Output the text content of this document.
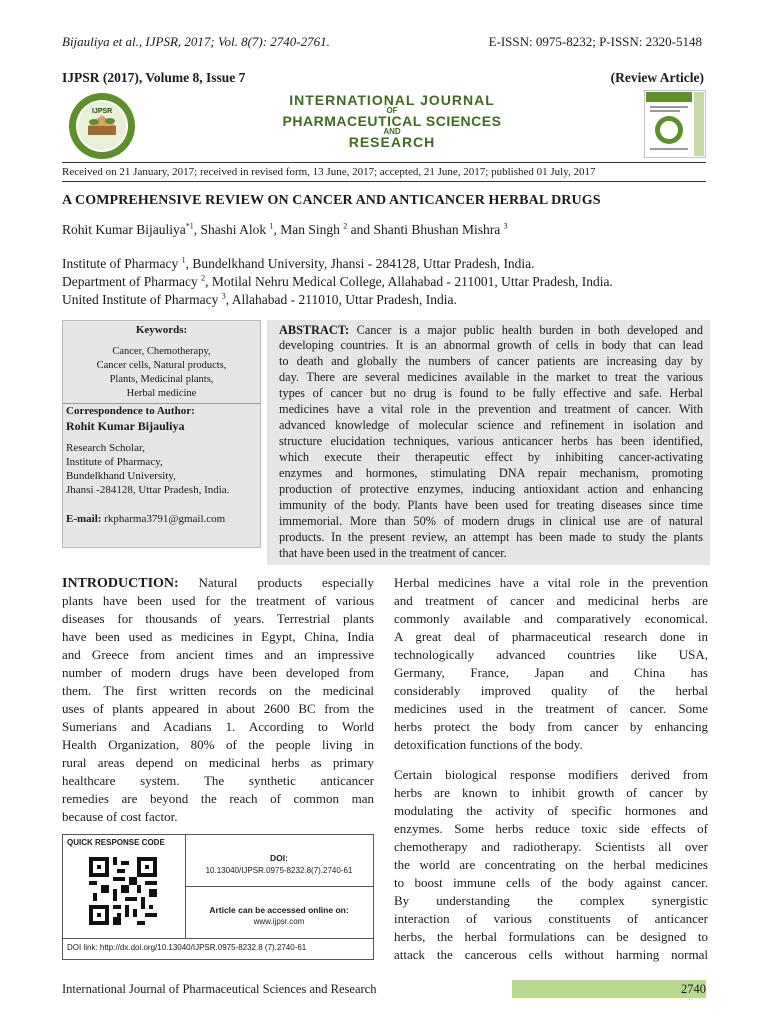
Bijauliya et al., IJPSR, 2017; Vol. 8(7): 2740-2761.	E-ISSN: 0975-8232; P-ISSN: 2320-5148
IJPSR (2017), Volume 8, Issue 7	(Review Article)
IJPSR
INTERNATIONAL JOURNAL
OF
PHARMACEUTICAL SCIENCES
AND
RESEARCH
Received on 21 January, 2017; received in revised form, 13 June, 2017; accepted, 21 June, 2017; published 01 July, 2017
A COMPREHENSIVE REVIEW ON CANCER AND ANTICANCER HERBAL DRUGS
Rohit Kumar Bijauliya$^{*1}$, Shashi Alok $^1$, Man Singh $^2$ and Shanti Bhushan Mishra $^3$
Institute of Pharmacy $^1$, Bundelkhand University, Jhansi - 284128, Uttar Pradesh, India.
Department of Pharmacy $^2$, Motilal Nehru Medical College, Allahabad - 211001, Uttar Pradesh, India.
United Institute of Pharmacy $^3$, Allahabad - 211010, Uttar Pradesh, India.
Keywords:
Cancer, Chemotherapy,
Cancer cells, Natural products,
Plants, Medicinal plants,
Herbal medicine
Correspondence to Author:
Rohit Kumar Bijauliya
Research Scholar,
Institute of Pharmacy,
Bundelkhand University,
Jhansi -284128, Uttar Pradesh, India.
E-mail: rkpharma3791@gmail.com
ABSTRACT: Cancer is a major public health burden in both developed and
developing countries. It is an abnormal growth of cells in body that can lead
to death and globally the numbers of cancer patients are increasing day by
day. There are several medicines available in the market to treat the various
types of cancer but no drug is found to be fully effective and safe. Herbal
medicines have a vital role in the prevention and treatment of cancer. With
advanced knowledge of molecular science and refinement in isolation and
structure elucidation techniques, various anticancer herbs has been identified,
which execute their therapeutic effect by inhibiting cancer-activating
enzymes and hormones, stimulating DNA repair mechanism, promoting
production of protective enzymes, inducing antioxidant action and enhancing
immunity of the body. Plants have been used for treating diseases since time
immemorial. More than 50% of modern drugs in clinical use are of natural
products. In the present review, an attempt has been made to study the plants
that have been used in the treatment of cancer.
INTRODUCTION: Natural products especially
plants have been used for the treatment of various
diseases for thousands of years. Terrestrial plants
have been used as medicines in Egypt, China, India
and Greece from ancient times and an impressive
number of modern drugs have been developed from
them. The first written records on the medicinal
uses of plants appeared in about 2600 BC from the
Sumerians and Acadians 1. According to World
Health Organization, 80% of the people living in
rural areas depend on medicinal herbs as primary
healthcare system. The synthetic anticancer
remedies are beyond the reach of common man
because of cost factor.
QUICK RESPONSE CODE
DOI:
10.13040/IJPSR.0975-8232.8(7).2740-61
Article can be accessed online on:
www.ijpsr.com
DOI link: http://dx.doi.org/10.13040/IJPSR.0975-8232.8 (7).2740-61
Herbal medicines have a vital role in the prevention
and treatment of cancer and medicinal herbs are
commonly available and comparatively economical.
A great deal of pharmaceutical research done in
technologically advanced countries like USA,
Germany, France, Japan and China has
considerably improved quality of the herbal
medicines used in the treatment of cancer. Some
herbs protect the body from cancer by enhancing
detoxification functions of the body.
Certain biological response modifiers derived from
herbs are known to inhibit growth of cancer by
modulating the activity of specific hormones and
enzymes. Some herbs reduce toxic side effects of
chemotherapy and radiotherapy. Scientists all over
the world are concentrating on the herbal medicines
to boost immune cells of the body against cancer.
By understanding the complex synergistic
interaction of various constituents of anticancer
herbs, the herbal formulations can be designed to
attack the cancerous cells without harming normal
International Journal of Pharmaceutical Sciences and Research	2740
